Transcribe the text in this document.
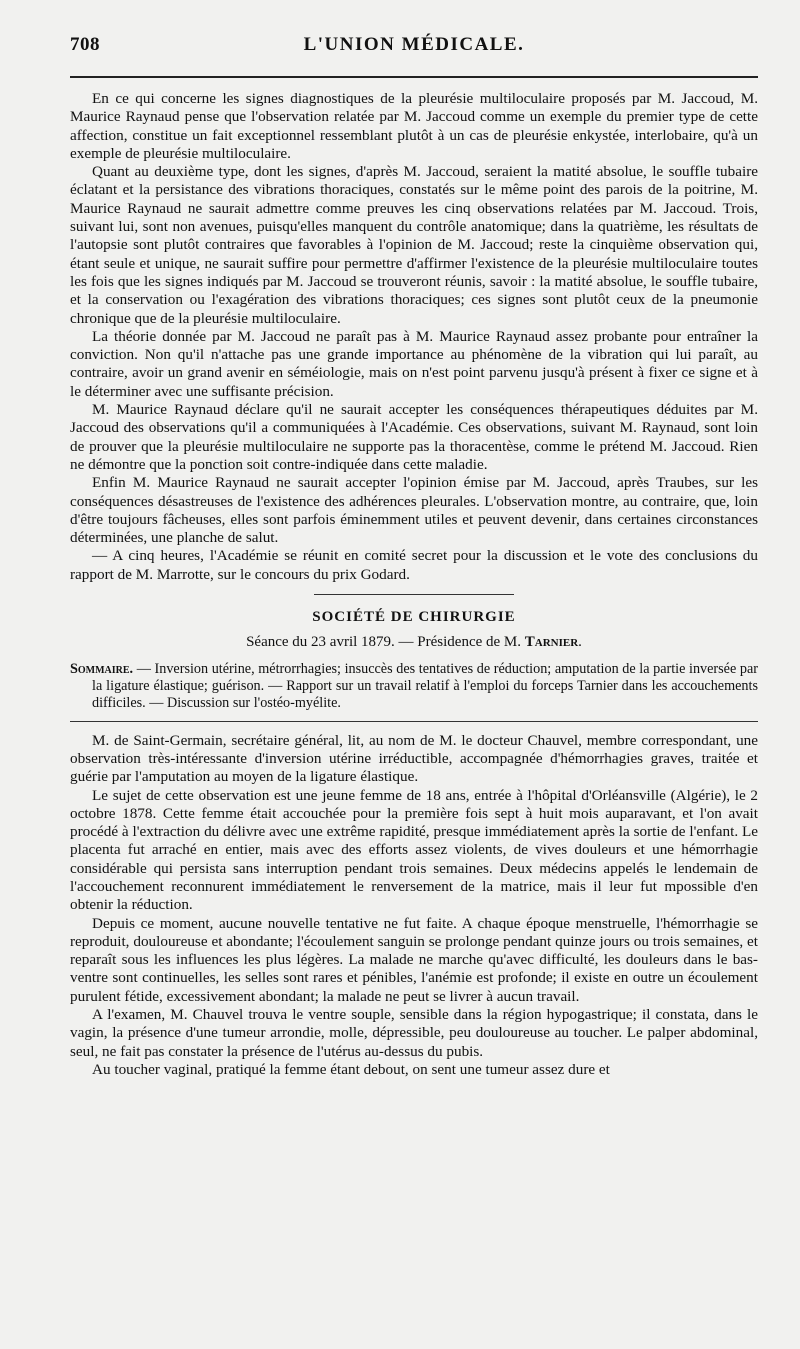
708	L'UNION MÉDICALE.

En ce qui concerne les signes diagnostiques de la pleurésie multiloculaire proposés par M. Jaccoud, M. Maurice Raynaud pense que l'observation relatée par M. Jaccoud comme un exemple du premier type de cette affection, constitue un fait exceptionnel ressemblant plutôt à un cas de pleurésie enkystée, interlobaire, qu'à un exemple de pleurésie multiloculaire.

Quant au deuxième type, dont les signes, d'après M. Jaccoud, seraient la matité absolue, le souffle tubaire éclatant et la persistance des vibrations thoraciques, constatés sur le même point des parois de la poitrine, M. Maurice Raynaud ne saurait admettre comme preuves les cinq observations relatées par M. Jaccoud. Trois, suivant lui, sont non avenues, puisqu'elles manquent du contrôle anatomique; dans la quatrième, les résultats de l'autopsie sont plutôt contraires que favorables à l'opinion de M. Jaccoud; reste la cinquième observation qui, étant seule et unique, ne saurait suffire pour permettre d'affirmer l'existence de la pleurésie multiloculaire toutes les fois que les signes indiqués par M. Jaccoud se trouveront réunis, savoir : la matité absolue, le souffle tubaire, et la conservation ou l'exagération des vibrations thoraciques; ces signes sont plutôt ceux de la pneumonie chronique que de la pleurésie multiloculaire.

La théorie donnée par M. Jaccoud ne paraît pas à M. Maurice Raynaud assez probante pour entraîner la conviction. Non qu'il n'attache pas une grande importance au phénomène de la vibration qui lui paraît, au contraire, avoir un grand avenir en séméiologie, mais on n'est point parvenu jusqu'à présent à fixer ce signe et à le déterminer avec une suffisante précision.

M. Maurice Raynaud déclare qu'il ne saurait accepter les conséquences thérapeutiques déduites par M. Jaccoud des observations qu'il a communiquées à l'Académie. Ces observations, suivant M. Raynaud, sont loin de prouver que la pleurésie multiloculaire ne supporte pas la thoracentèse, comme le prétend M. Jaccoud. Rien ne démontre que la ponction soit contre-indiquée dans cette maladie.

Enfin M. Maurice Raynaud ne saurait accepter l'opinion émise par M. Jaccoud, après Traubes, sur les conséquences désastreuses de l'existence des adhérences pleurales. L'observation montre, au contraire, que, loin d'être toujours fâcheuses, elles sont parfois éminemment utiles et peuvent devenir, dans certaines circonstances déterminées, une planche de salut.

— A cinq heures, l'Académie se réunit en comité secret pour la discussion et le vote des conclusions du rapport de M. Marrotte, sur le concours du prix Godard.

SOCIÉTÉ DE CHIRURGIE
Séance du 23 avril 1879. — Présidence de M. Tarnier.
Sommaire. — Inversion utérine, métrorrhagies; insuccès des tentatives de réduction; amputation de la partie inversée par la ligature élastique; guérison. — Rapport sur un travail relatif à l'emploi du forceps Tarnier dans les accouchements difficiles. — Discussion sur l'ostéo-myélite.

M. de Saint-Germain, secrétaire général, lit, au nom de M. le docteur Chauvel, membre correspondant, une observation très-intéressante d'inversion utérine irréductible, accompagnée d'hémorrhagies graves, traitée et guérie par l'amputation au moyen de la ligature élastique.

Le sujet de cette observation est une jeune femme de 18 ans, entrée à l'hôpital d'Orléansville (Algérie), le 2 octobre 1878. Cette femme était accouchée pour la première fois sept à huit mois auparavant, et l'on avait procédé à l'extraction du délivre avec une extrême rapidité, presque immédiatement après la sortie de l'enfant. Le placenta fut arraché en entier, mais avec des efforts assez violents, de vives douleurs et une hémorrhagie considérable qui persista sans interruption pendant trois semaines. Deux médecins appelés le lendemain de l'accouchement reconnurent immédiatement le renversement de la matrice, mais il leur fut mpossible d'en obtenir la réduction.

Depuis ce moment, aucune nouvelle tentative ne fut faite. A chaque époque menstruelle, l'hémorrhagie se reproduit, douloureuse et abondante; l'écoulement sanguin se prolonge pendant quinze jours ou trois semaines, et reparaît sous les influences les plus légères. La malade ne marche qu'avec difficulté, les douleurs dans le bas-ventre sont continuelles, les selles sont rares et pénibles, l'anémie est profonde; il existe en outre un écoulement purulent fétide, excessivement abondant; la malade ne peut se livrer à aucun travail.

A l'examen, M. Chauvel trouva le ventre souple, sensible dans la région hypogastrique; il constata, dans le vagin, la présence d'une tumeur arrondie, molle, dépressible, peu douloureuse au toucher. Le palper abdominal, seul, ne fait pas constater la présence de l'utérus au-dessus du pubis.

Au toucher vaginal, pratiqué la femme étant debout, on sent une tumeur assez dure et
